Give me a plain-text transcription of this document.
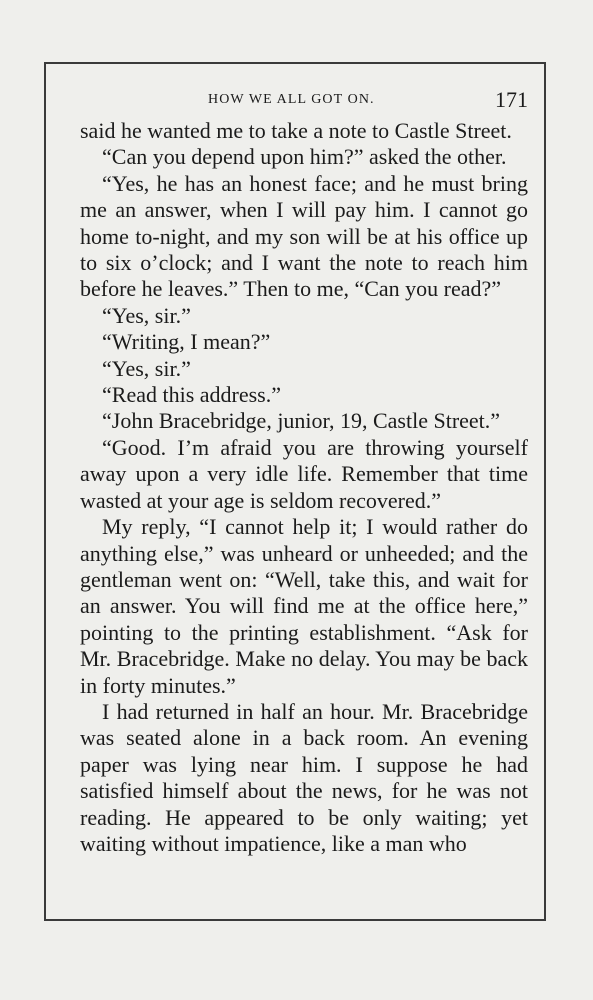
HOW WE ALL GOT ON.	171

said he wanted me to take a note to Castle Street.

“Can you depend upon him?” asked the other.

“Yes, he has an honest face; and he must bring me an answer, when I will pay him. I cannot go home to-night, and my son will be at his office up to six o’clock; and I want the note to reach him before he leaves.” Then to me, “Can you read?”

“Yes, sir.”

“Writing, I mean?”

“Yes, sir.”

“Read this address.”

“John Bracebridge, junior, 19, Castle Street.”

“Good. I’m afraid you are throwing yourself away upon a very idle life. Remember that time wasted at your age is seldom recovered.”

My reply, “I cannot help it; I would rather do anything else,” was unheard or unheeded; and the gentleman went on: “Well, take this, and wait for an answer. You will find me at the office here,” pointing to the printing establishment. “Ask for Mr. Bracebridge. Make no delay. You may be back in forty minutes.”

I had returned in half an hour. Mr. Bracebridge was seated alone in a back room. An evening paper was lying near him. I suppose he had satisfied himself about the news, for he was not reading. He appeared to be only waiting; yet waiting without impatience, like a man who
